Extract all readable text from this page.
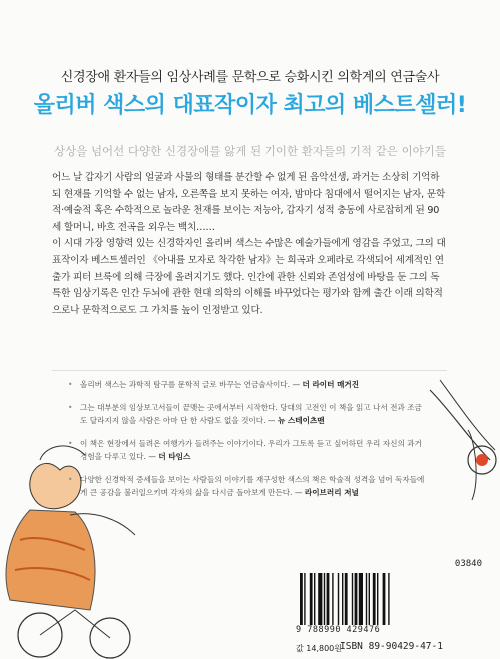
신경장애 환자들의 임상사례를 문학으로 승화시킨 의학계의 연금술사
올리버 색스의 대표작이자 최고의 베스트셀러!
상상을 넘어선 다양한 신경장애를 앓게 된 기이한 환자들의 기적 같은 이야기들

어느 날 갑자기 사람의 얼굴과 사물의 형태를 분간할 수 없게 된 음악선생, 과거는 소상히 기억하되 현재를 기억할 수 없는 남자, 오른쪽을 보지 못하는 여자, 밤마다 침대에서 떨어지는 남자, 문학적·예술적 혹은 수학적으로 놀라운 천재를 보이는 저능아, 갑자기 성적 충동에 사로잡히게 된 90세 할머니, 바흐 전곡을 외우는 백치……

이 시대 가장 영향력 있는 신경학자인 올리버 색스는 수많은 예술가들에게 영감을 주었고, 그의 대표작이자 베스트셀러인 《아내를 모자로 착각한 남자》는 희곡과 오페라로 각색되어 세계적인 연출가 피터 브룩에 의해 극장에 올려지기도 했다. 인간에 관한 신뢰와 존엄성에 바탕을 둔 그의 독특한 임상기록은 인간 두뇌에 관한 현대 의학의 이해를 바꾸었다는 평가와 함께 출간 이래 의학적으로나 문학적으로도 그 가치를 높이 인정받고 있다.

• 올리버 색스는 과학적 탐구를 문학적 글로 바꾸는 연금술사이다. — 더 라이터 매거진
• 그는 대부분의 임상보고서들이 끝맺는 곳에서부터 시작한다. 당대의 고전인 이 책을 읽고 나서 전과 조금도 달라지지 않을 사람은 아마 단 한 사람도 없을 것이다. — 뉴 스테이츠맨
• 이 책은 현장에서 들려온 여행가가 들려주는 이야기이다. 우리가 그토록 듣고 싶어하던 우리 자신의 과거 경험을 다루고 있다. — 더 타임스
• 다양한 신경학적 증세들을 보이는 사람들의 이야기를 재구성한 색스의 책은 학술적 성격을 넘어 독자들에게 큰 공감을 불러일으키며 각자의 삶을 다시금 돌아보게 만든다. — 라이브러리 저널
03840
9 788990 429476
값 14,800원
ISBN 89-90429-47-1
